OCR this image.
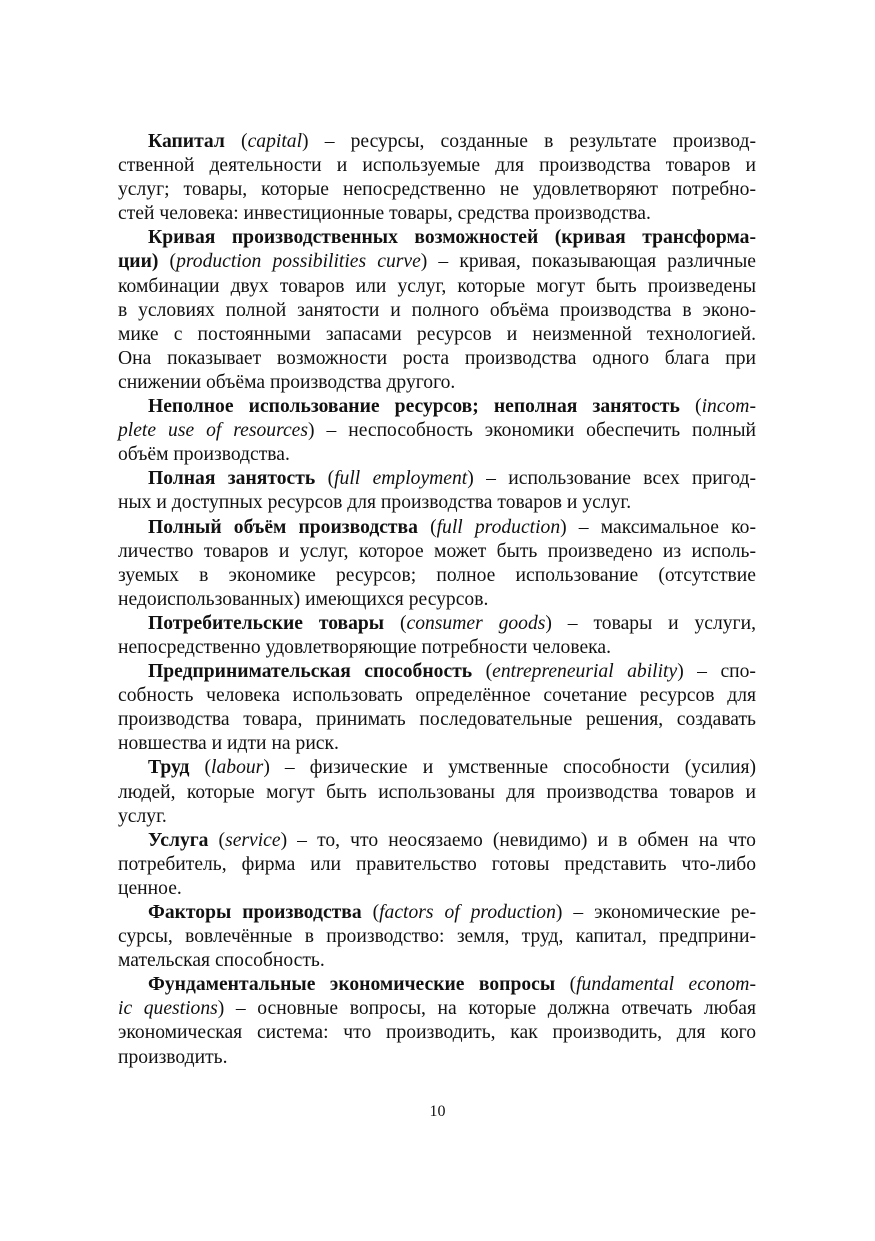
Капитал (capital) – ресурсы, созданные в результате производ-
ственной деятельности и используемые для производства товаров и
услуг; товары, которые непосредственно не удовлетворяют потребно-
стей человека: инвестиционные товары, средства производства.
Кривая производственных возможностей (кривая трансформа-
ции) (production possibilities curve) – кривая, показывающая различные
комбинации двух товаров или услуг, которые могут быть произведены
в условиях полной занятости и полного объёма производства в эконо-
мике с постоянными запасами ресурсов и неизменной технологией.
Она показывает возможности роста производства одного блага при
снижении объёма производства другого.
Неполное использование ресурсов; неполная занятость (incom-
plete use of resources) – неспособность экономики обеспечить полный
объём производства.
Полная занятость (full employment) – использование всех пригод-
ных и доступных ресурсов для производства товаров и услуг.
Полный объём производства (full production) – максимальное ко-
личество товаров и услуг, которое может быть произведено из исполь-
зуемых в экономике ресурсов; полное использование (отсутствие
недоиспользованных) имеющихся ресурсов.
Потребительские товары (consumer goods) – товары и услуги,
непосредственно удовлетворяющие потребности человека.
Предпринимательская способность (entrepreneurial ability) – спо-
собность человека использовать определённое сочетание ресурсов для
производства товара, принимать последовательные решения, создавать
новшества и идти на риск.
Труд (labour) – физические и умственные способности (усилия)
людей, которые могут быть использованы для производства товаров и
услуг.
Услуга (service) – то, что неосязаемо (невидимо) и в обмен на что
потребитель, фирма или правительство готовы представить что-либо
ценное.
Факторы производства (factors of production) – экономические ре-
сурсы, вовлечённые в производство: земля, труд, капитал, предприни-
мательская способность.
Фундаментальные экономические вопросы (fundamental econom-
ic questions) – основные вопросы, на которые должна отвечать любая
экономическая система: что производить, как производить, для кого
производить.
10
